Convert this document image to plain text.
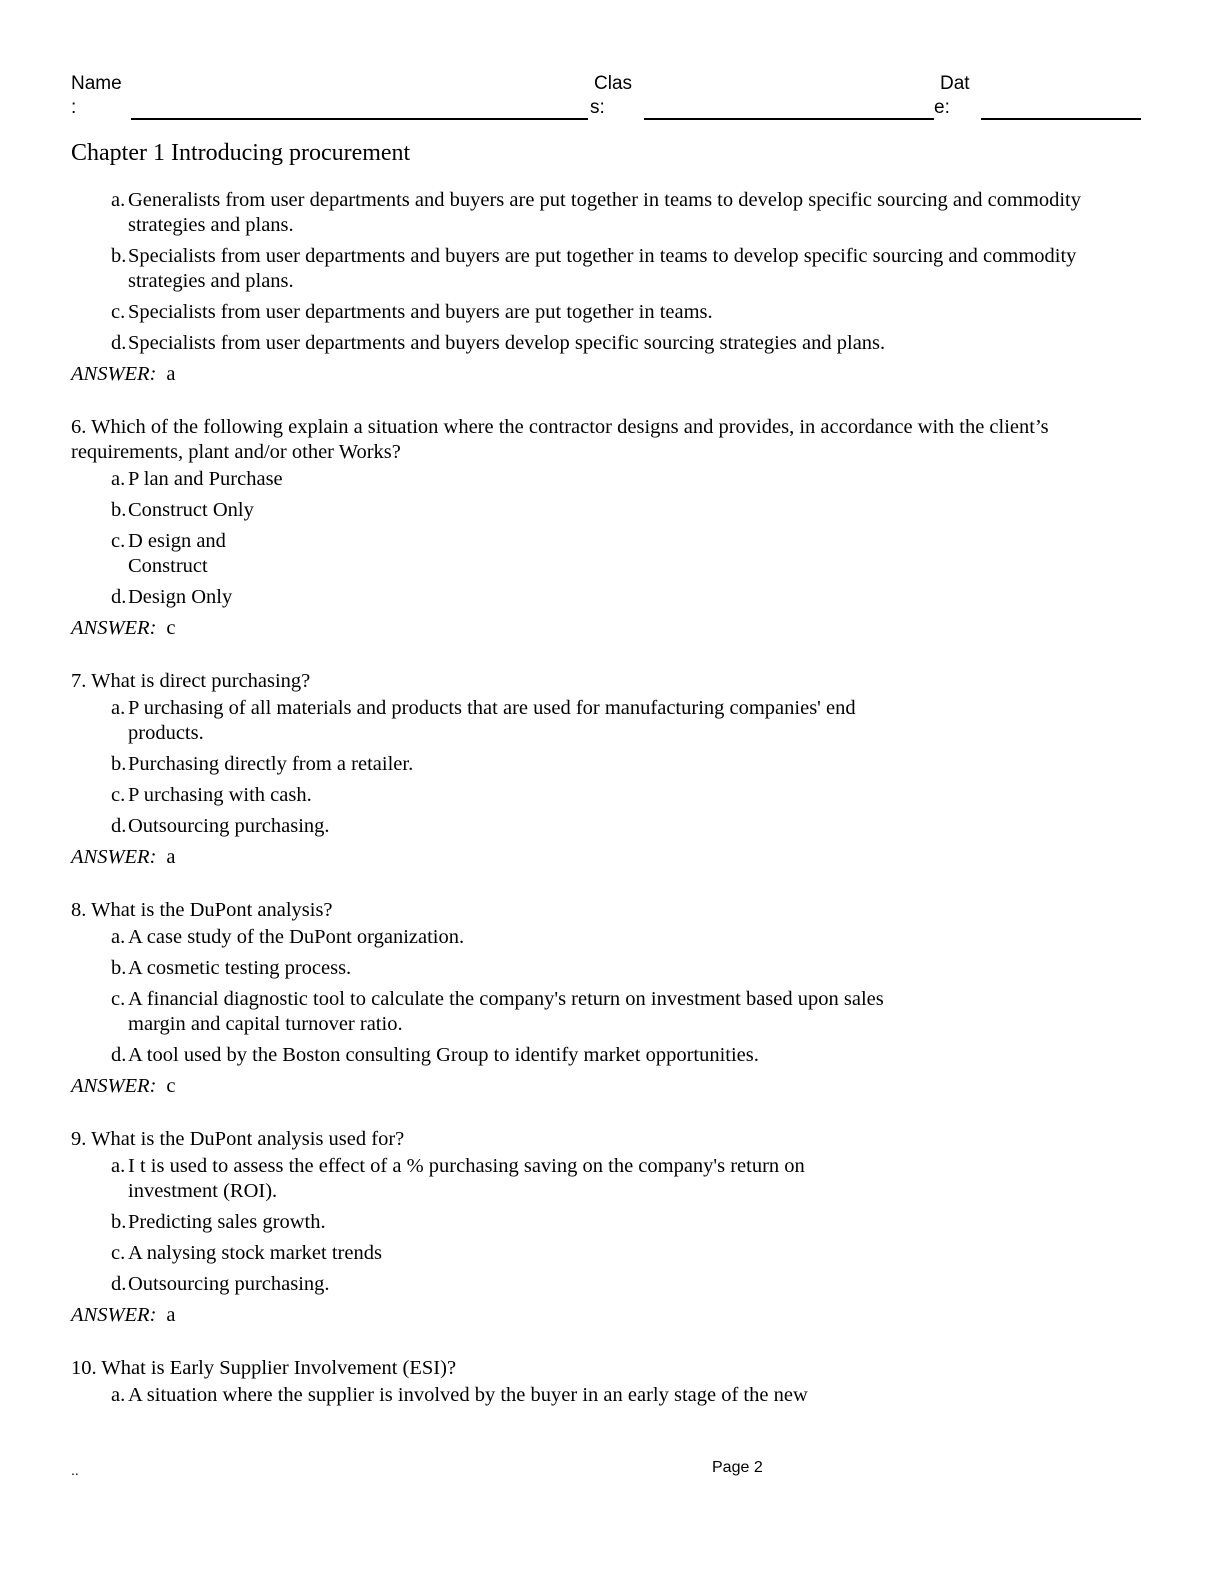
Name
:
Clas
s:
Dat
e:
Chapter 1 Introducing procurement
a. Generalists from user departments and buyers are put together in teams to develop specific sourcing and commodity strategies and plans.
b. Specialists from user departments and buyers are put together in teams to develop specific sourcing and commodity strategies and plans.
c. Specialists from user departments and buyers are put together in teams.
d. Specialists from user departments and buyers develop specific sourcing strategies and plans.
ANSWER: a
6. Which of the following explain a situation where the contractor designs and provides, in accordance with the client’s requirements, plant and/or other Works?
a. P lan and Purchase
b. Construct Only
c. D esign and Construct
d. Design Only
ANSWER: c
7. What is direct purchasing?
a. P urchasing of all materials and products that are used for manufacturing companies' end products.
b. Purchasing directly from a retailer.
c. P urchasing with cash.
d. Outsourcing purchasing.
ANSWER: a
8. What is the DuPont analysis?
a. A case study of the DuPont organization.
b. A cosmetic testing process.
c. A financial diagnostic tool to calculate the company's return on investment based upon sales margin and capital turnover ratio.
d. A tool used by the Boston consulting Group to identify market opportunities.
ANSWER: c
9. What is the DuPont analysis used for?
a. I t is used to assess the effect of a % purchasing saving on the company's return on investment (ROI).
b. Predicting sales growth.
c. A nalysing stock market trends
d. Outsourcing purchasing.
ANSWER: a
10. What is Early Supplier Involvement (ESI)?
a. A situation where the supplier is involved by the buyer in an early stage of the new
..	Page 2
